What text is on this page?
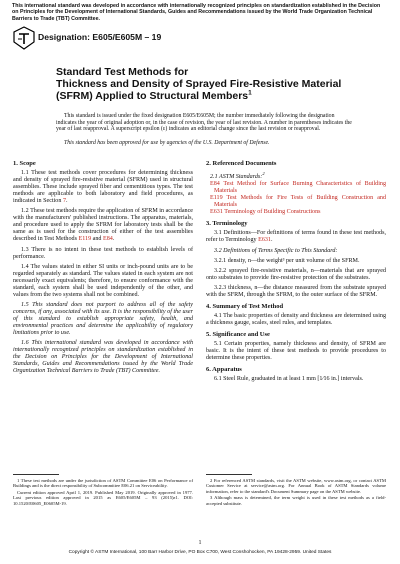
This international standard was developed in accordance with internationally recognized principles on standardization established in the Decision on Principles for the Development of International Standards, Guides and Recommendations issued by the World Trade Organization Technical Barriers to Trade (TBT) Committee.
Designation: E605/E605M – 19
Standard Test Methods for
Thickness and Density of Sprayed Fire-Resistive Material
(SFRM) Applied to Structural Members$^1$
This standard is issued under the fixed designation E605/E605M; the number immediately following the designation indicates the year of original adoption or, in the case of revision, the year of last revision. A number in parentheses indicates the year of last reapproval. A superscript epsilon (ε) indicates an editorial change since the last revision or reapproval.
This standard has been approved for use by agencies of the U.S. Department of Defense.
1. Scope

1.1 These test methods cover procedures for determining thickness and density of sprayed fire-resistive material (SFRM) used in structural assemblies. These include sprayed fiber and cementitious types. The test methods are applicable to both laboratory and field procedures, as indicated in Section 7.

1.2 These test methods require the application of SFRM in accordance with the manufacturers' published instructions. The apparatus, materials, and procedure used to apply the SFRM for laboratory tests shall be the same as is used for the construction of either of the test assemblies described in Test Methods E119 and E84.

1.3 There is no intent in these test methods to establish levels of performance.

1.4 The values stated in either SI units or inch-pound units are to be regarded separately as standard. The values stated in each system are not necessarily exact equivalents; therefore, to ensure conformance with the standard, each system shall be used independently of the other, and values from the two systems shall not be combined.

1.5 This standard does not purport to address all of the safety concerns, if any, associated with its use. It is the responsibility of the user of this standard to establish appropriate safety, health, and environmental practices and determine the applicability of regulatory limitations prior to use.

1.6 This international standard was developed in accordance with internationally recognized principles on standardization established in the Decision on Principles for the Development of International Standards, Guides and Recommendations issued by the World Trade Organization Technical Barriers to Trade (TBT) Committee.

1 These test methods are under the jurisdiction of ASTM Committee E06 on Performance of Buildings and is the direct responsibility of Subcommittee E06.21 on Serviceability.

Current edition approved April 1, 2019. Published May 2019. Originally approved in 1977. Last previous edition approved in 2015 as E605/E605M – 93 (2015)ε1. DOI: 10.1520/E0605_E0605M-19.

2. Referenced Documents

2.1 ASTM Standards:$^2$

E84 Test Method for Surface Burning Characteristics of Building Materials

E119 Test Methods for Fire Tests of Building Construction and Materials

E631 Terminology of Building Constructions

3. Terminology

3.1 Definitions—For definitions of terms found in these test methods, refer to Terminology E631.

3.2 Definitions of Terms Specific to This Standard:

3.2.1 density, n—the weight³ per unit volume of the SFRM.

3.2.2 sprayed fire-resistive materials, n—materials that are sprayed onto substrates to provide fire-resistive protection of the substrates.

3.2.3 thickness, n—the distance measured from the substrate sprayed with the SFRM, through the SFRM, to the outer surface of the SFRM.

4. Summary of Test Method

4.1 The basic properties of density and thickness are determined using a thickness gauge, scales, steel rules, and templates.

5. Significance and Use

5.1 Certain properties, namely thickness and density, of SFRM are basic. It is the intent of these test methods to provide procedures to determine these properties.

6. Apparatus

6.1 Steel Rule, graduated in at least 1 mm [1⁄16 in.] intervals.

2 For referenced ASTM standards, visit the ASTM website, www.astm.org, or contact ASTM Customer Service at service@astm.org. For Annual Book of ASTM Standards volume information, refer to the standard's Document Summary page on the ASTM website.

3 Although mass is determined, the term weight is used in these test methods as a field-accepted substitute.

1
Copyright © ASTM International, 100 Barr Harbor Drive, PO Box C700, West Conshohocken, PA 19428-2959. United States
